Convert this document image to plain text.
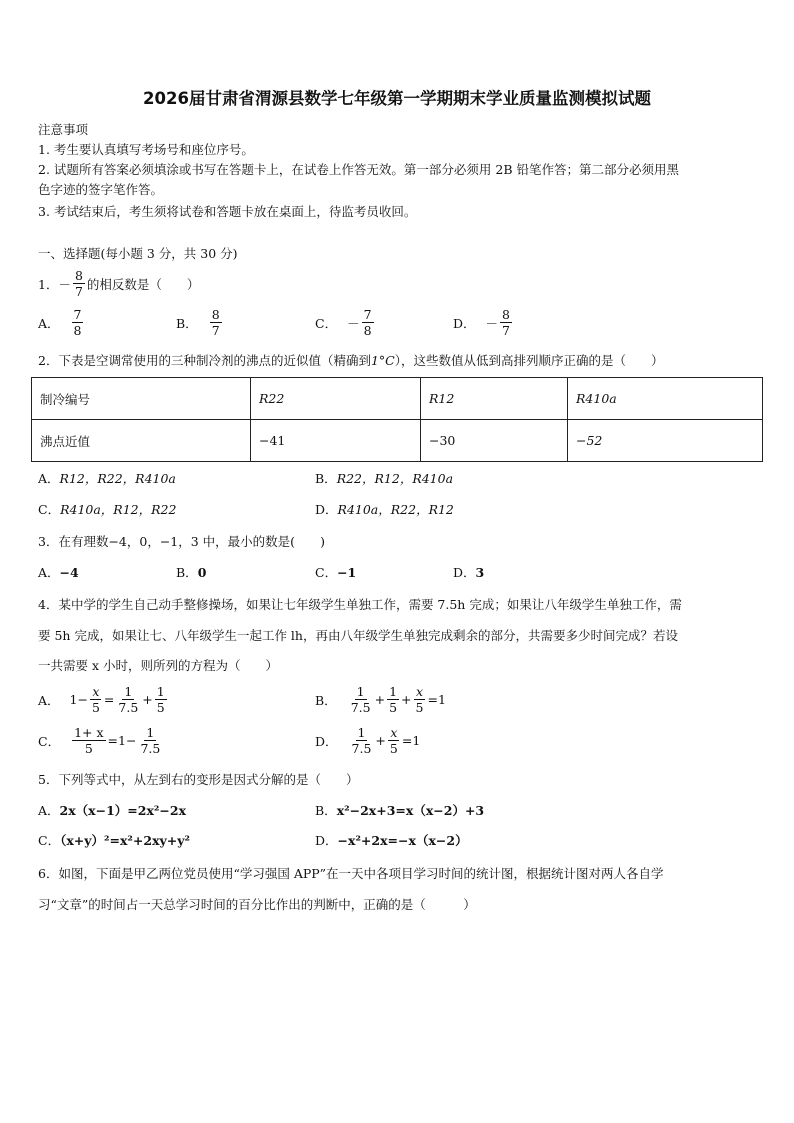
2026届甘肃省渭源县数学七年级第一学期期末学业质量监测模拟试题
注意事项
1. 考生要认真填写考场号和座位序号。
2. 试题所有答案必须填涂或书写在答题卡上，在试卷上作答无效。第一部分必须用 2B 铅笔作答；第二部分必须用黑
色字迹的签字笔作答。
3. 考试结束后，考生须将试卷和答题卡放在桌面上，待监考员收回。
一、选择题(每小题 3 分，共 30 分)
1． － $\frac{8}{7}$ 的相反数是（　　）
A． $\frac{7}{8}$	B． $\frac{8}{7}$	C． － $\frac{7}{8}$	D． － $\frac{8}{7}$
2．下表是空调常使用的三种制冷剂的沸点的近似值（精确到1°C），这些数值从低到高排列顺序正确的是（　　）
制冷编号	R22	R12	R410a
沸点近值	−41	−30	−52
A．R12，R22，R410a	B．R22，R12，R410a
C．R410a，R12，R22	D．R410a，R22，R12
3．在有理数−4，0，−1，3 中，最小的数是(　　)
A．−4	B．0	C．−1	D．3
4．某中学的学生自己动手整修操场，如果让七年级学生单独工作，需要 7.5h 完成；如果让八年级学生单独工作，需
要 5h 完成，如果让七、八年级学生一起工作 lh，再由八年级学生单独完成剩余的部分，共需要多少时间完成？若设
一共需要 x 小时，则所列的方程为（　　）
A． $1 - \frac{x}{5} = \frac{1}{7.5} + \frac{1}{5}$	B． $\frac{1}{7.5} + \frac{1}{5} + \frac{x}{5} = 1$
C． $\frac{1+ x}{5} = 1 - \frac{1}{7.5}$	D． $\frac{1}{7.5} + \frac{x}{5} = 1$
5．下列等式中，从左到右的变形是因式分解的是（　　）
A．2x（x−1）=2x²−2x	B．x²−2x+3=x（x−2）+3
C．（x+y）²=x²+2xy+y²	D．−x²+2x=−x（x−2）
6．如图，下面是甲乙两位党员使用“学习强国 APP”在一天中各项目学习时间的统计图，根据统计图对两人各自学
习“文章”的时间占一天总学习时间的百分比作出的判断中，正确的是（　　　）
